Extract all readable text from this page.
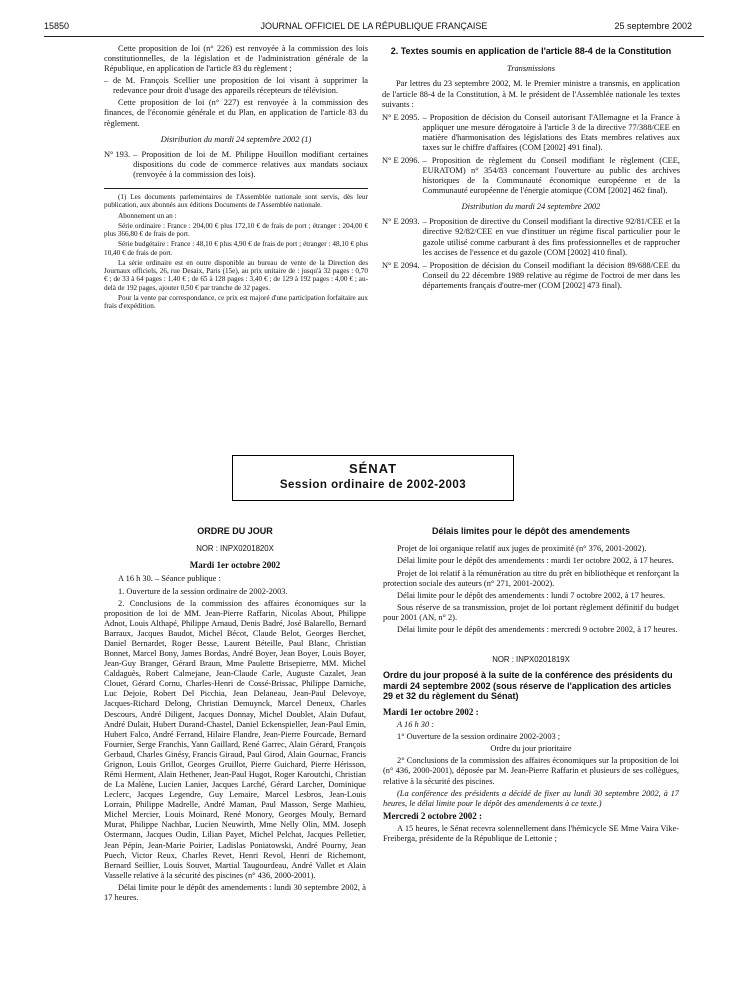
15850	JOURNAL OFFICIEL DE LA RÉPUBLIQUE FRANÇAISE	25 septembre 2002

Cette proposition de loi (n° 226) est renvoyée à la commission des lois constitutionnelles, de la législation et de l'administration générale de la République, en application de l'article 83 du règlement ;

– de M. François Scellier une proposition de loi visant à supprimer la redevance pour droit d'usage des appareils récepteurs de télévision.

Cette proposition de loi (n° 227) est renvoyée à la commission des finances, de l'économie générale et du Plan, en application de l'article 83 du règlement.

Distribution du mardi 24 septembre 2002 (1)

N° 193. – Proposition de loi de M. Philippe Houillon modifiant certaines dispositions du code de commerce relatives aux mandats sociaux (renvoyée à la commission des lois).

(1) Les documents parlementaires de l'Assemblée nationale sont servis, dès leur publication, aux abonnés aux éditions Documents de l'Assemblée nationale.

Abonnement un an :

Série ordinaire : France : 204,00 € plus 172,10 € de frais de port ; étranger : 204,00 € plus 366,80 € de frais de port.

Série budgétaire : France : 48,10 € plus 4,90 € de frais de port ; étranger : 48,10 € plus 10,40 € de frais de port.

La série ordinaire est en outre disponible au bureau de vente de la Direction des Journaux officiels, 26, rue Desaix, Paris (15e), au prix unitaire de : jusqu'à 32 pages : 0,70 € ; de 33 à 64 pages : 1,40 € ; de 65 à 128 pages : 3,40 € ; de 129 à 192 pages : 4,00 € ; au-delà de 192 pages, ajouter 0,50 € par tranche de 32 pages.

Pour la vente par correspondance, ce prix est majoré d'une participation forfaitaire aux frais d'expédition.

2. Textes soumis en application de l'article 88-4 de la Constitution

Transmissions

Par lettres du 23 septembre 2002, M. le Premier ministre a transmis, en application de l'article 88-4 de la Constitution, à M. le président de l'Assemblée nationale les textes suivants :

N° E 2095. – Proposition de décision du Conseil autorisant l'Allemagne et la France à appliquer une mesure dérogatoire à l'article 3 de la directive 77/388/CEE en matière d'harmonisation des législations des Etats membres relatives aux taxes sur le chiffre d'affaires (COM [2002] 491 final).
N° E 2096. – Proposition de règlement du Conseil modifiant le règlement (CEE, EURATOM) n° 354/83 concernant l'ouverture au public des archives historiques de la Communauté économique européenne et de la Communauté européenne de l'énergie atomique (COM [2002] 462 final).

Distribution du mardi 24 septembre 2002

N° E 2093. – Proposition de directive du Conseil modifiant la directive 92/81/CEE et la directive 92/82/CEE en vue d'instituer un régime fiscal particulier pour le gazole utilisé comme carburant à des fins professionnelles et de rapprocher les accises de l'essence et du gazole (COM [2002] 410 final).
N° E 2094. – Proposition de décision du Conseil modifiant la décision 89/688/CEE du Conseil du 22 décembre 1989 relative au régime de l'octroi de mer dans les départements français d'outre-mer (COM [2002] 473 final).
SÉNAT
Session ordinaire de 2002-2003
ORDRE DU JOUR
NOR : INPX0201820X
Mardi 1er octobre 2002

A 16 h 30. – Séance publique :

1. Ouverture de la session ordinaire de 2002-2003.

2. Conclusions de la commission des affaires économiques sur la proposition de loi de MM. Jean-Pierre Raffarin, Nicolas About, Philippe Adnot, Louis Althapé, Philippe Arnaud, Denis Badré, José Balarello, Bernard Barraux, Jacques Baudot, Michel Bécot, Claude Belot, Georges Berchet, Daniel Bernardet, Roger Besse, Laurent Béteille, Paul Blanc, Christian Bonnet, Marcel Bony, James Bordas, André Boyer, Jean Boyer, Louis Boyer, Jean-Guy Branger, Gérard Braun, Mme Paulette Brisepierre, MM. Michel Caldaguès, Robert Calmejane, Jean-Claude Carle, Auguste Cazalet, Jean Clouet, Gérard Cornu, Charles-Henri de Cossé-Brissac, Philippe Darniche, Luc Dejoie, Robert Del Picchia, Jean Delaneau, Jean-Paul Delevoye, Jacques-Richard Delong, Christian Demuynck, Marcel Deneux, Charles Descours, André Diligent, Jacques Donnay, Michel Doublet, Alain Dufaut, André Dulait, Hubert Durand-Chastel, Daniel Eckenspieller, Jean-Paul Emin, Hubert Falco, André Ferrand, Hilaire Flandre, Jean-Pierre Fourcade, Bernard Fournier, Serge Franchis, Yann Gaillard, René Garrec, Alain Gérard, François Gerbaud, Charles Ginésy, Francis Giraud, Paul Girod, Alain Gournac, Francis Grignon, Louis Grillot, Georges Gruillot, Pierre Guichard, Pierre Hérisson, Rémi Herment, Alain Hethener, Jean-Paul Hugot, Roger Karoutchi, Christian de La Malène, Lucien Lanier, Jacques Larché, Gérard Larcher, Dominique Leclerc, Jacques Legendre, Guy Lemaire, Marcel Lesbros, Jean-Louis Lorrain, Philippe Madrelle, André Maman, Paul Masson, Serge Mathieu, Michel Mercier, Louis Moinard, René Monory, Georges Mouly, Bernard Murat, Philippe Nachbar, Lucien Neuwirth, Mme Nelly Olin, MM. Joseph Ostermann, Jacques Oudin, Lilian Payet, Michel Pelchat, Jacques Pelletier, Jean Pépin, Jean-Marie Poirier, Ladislas Poniatowski, André Pourny, Jean Puech, Victor Reux, Charles Revet, Henri Revol, Henri de Richemont, Bernard Seillier, Louis Souvet, Martial Taugourdeau, André Vallet et Alain Vasselle relative à la sécurité des piscines (n° 436, 2000-2001).

Délai limite pour le dépôt des amendements : lundi 30 septembre 2002, à 17 heures.

Délais limites pour le dépôt des amendements

Projet de loi organique relatif aux juges de proximité (n° 376, 2001-2002).

Délai limite pour le dépôt des amendements : mardi 1er octobre 2002, à 17 heures.

Projet de loi relatif à la rémunération au titre du prêt en bibliothèque et renforçant la protection sociale des auteurs (n° 271, 2001-2002).

Délai limite pour le dépôt des amendements : lundi 7 octobre 2002, à 17 heures.

Sous réserve de sa transmission, projet de loi portant règlement définitif du budget pour 2001 (AN, n° 2).

Délai limite pour le dépôt des amendements : mercredi 9 octobre 2002, à 17 heures.

NOR : INPX0201819X
Ordre du jour proposé à la suite de la conférence des présidents du mardi 24 septembre 2002 (sous réserve de l'application des articles 29 et 32 du règlement du Sénat)
Mardi 1er octobre 2002 :

A 16 h 30 :

1° Ouverture de la session ordinaire 2002-2003 ;

Ordre du jour prioritaire

2° Conclusions de la commission des affaires économiques sur la proposition de loi (n° 436, 2000-2001), déposée par M. Jean-Pierre Raffarin et plusieurs de ses collègues, relative à la sécurité des piscines.

(La conférence des présidents a décidé de fixer au lundi 30 septembre 2002, à 17 heures, le délai limite pour le dépôt des amendements à ce texte.)

Mercredi 2 octobre 2002 :

A 15 heures, le Sénat recevra solennellement dans l'hémicycle SE Mme Vaira Vike-Freiberga, présidente de la République de Lettonie ;
